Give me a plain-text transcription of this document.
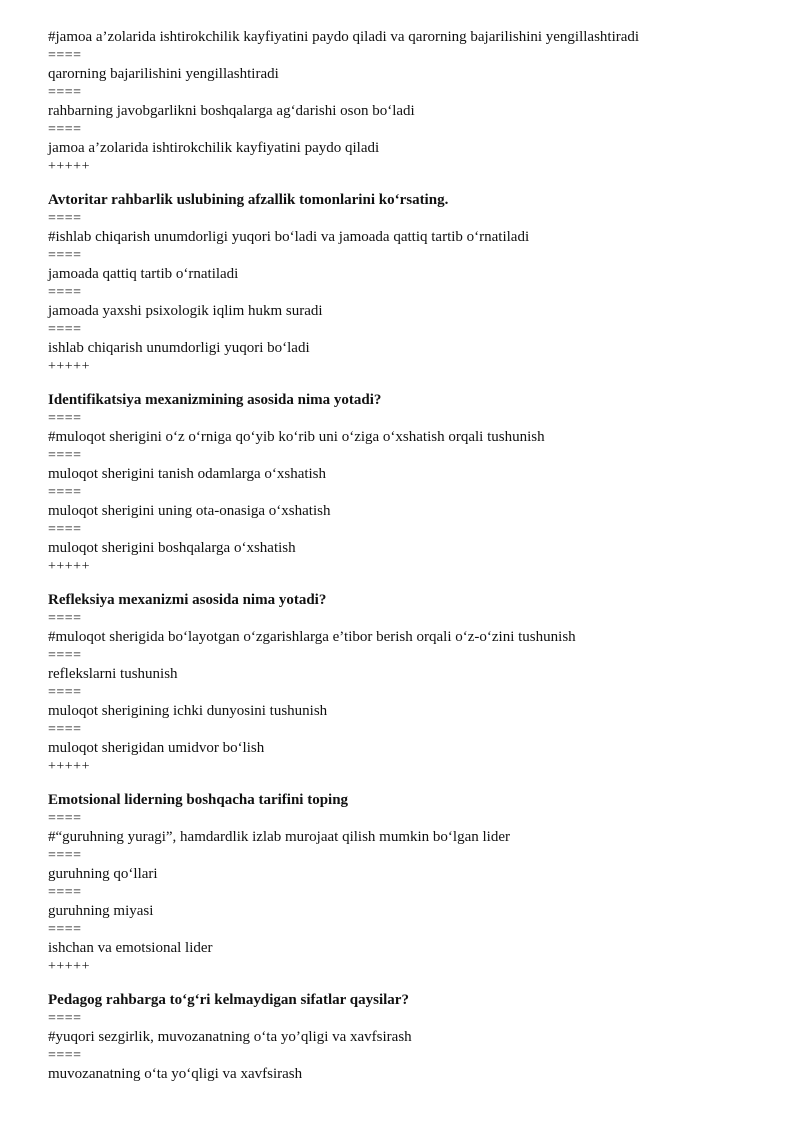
#jamoa a’zolarida ishtirokchilik kayfiyatini paydo qiladi va qarorning bajarilishini yengillashtiradi
====
qarorning bajarilishini yengillashtiradi
====
rahbarning javobgarlikni boshqalarga ag‘darishi oson bo‘ladi
====
jamoa a’zolarida ishtirokchilik kayfiyatini paydo qiladi
+++++
Avtoritar rahbarlik uslubining afzallik tomonlarini ko‘rsating.
====
#ishlab chiqarish unumdorligi yuqori bo‘ladi va jamoada qattiq tartib o‘rnatiladi
====
jamoada qattiq tartib o‘rnatiladi
====
jamoada yaxshi psixologik iqlim hukm suradi
====
ishlab chiqarish unumdorligi yuqori bo‘ladi
+++++
Identifikatsiya mexanizmining asosida nima yotadi?
====
#muloqot sherigini o‘z o‘rniga qo‘yib ko‘rib uni o‘ziga o‘xshatish orqali tushunish
====
muloqot sherigini tanish odamlarga o‘xshatish
====
muloqot sherigini uning ota-onasiga o‘xshatish
====
muloqot sherigini boshqalarga o‘xshatish
+++++
Refleksiya mexanizmi asosida nima yotadi?
====
#muloqot sherigida bo‘layotgan o‘zgarishlarga e’tibor berish orqali o‘z-o‘zini tushunish
====
reflekslarni tushunish
====
muloqot sherigining ichki dunyosini tushunish
====
muloqot sherigidan umidvor bo‘lish
+++++
Emotsional liderning boshqacha tarifini toping
====
#“guruhning yuragi”, hamdardlik izlab murojaat qilish mumkin bo‘lgan lider
====
guruhning qo‘llari
====
guruhning miyasi
====
ishchan va emotsional lider
+++++
Pedagog rahbarga to‘g‘ri kelmaydigan sifatlar qaysilar?
====
#yuqori sezgirlik, muvozanatning o‘ta yo’qligi va xavfsirash
====
muvozanatning o‘ta yo‘qligi va xavfsirash
